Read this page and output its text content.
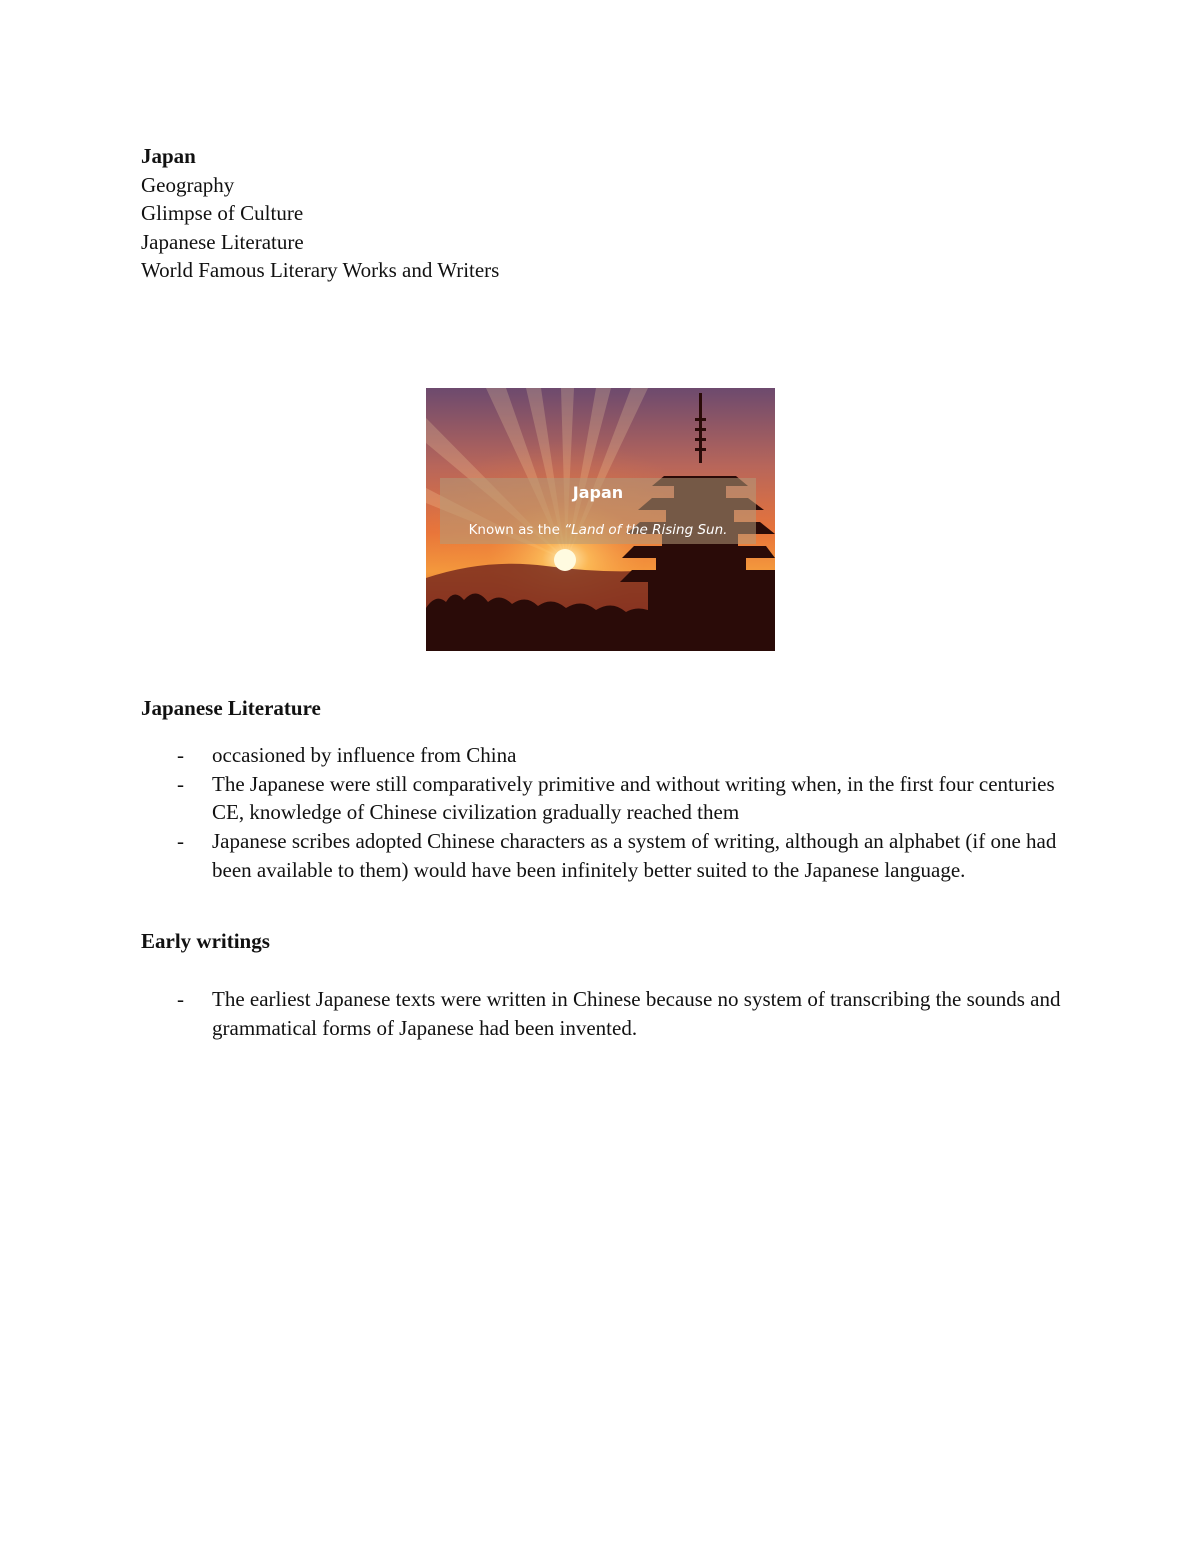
Japan
Geography
Glimpse of Culture
Japanese Literature
World Famous Literary Works and Writers
Japan
Known as the “Land of the Rising Sun.
Japanese Literature
- occasioned by influence from China
- The Japanese were still comparatively primitive and without writing when, in the first four centuries CE, knowledge of Chinese civilization gradually reached them
- Japanese scribes adopted Chinese characters as a system of writing, although an alphabet (if one had been available to them) would have been infinitely better suited to the Japanese language.
Early writings
- The earliest Japanese texts were written in Chinese because no system of transcribing the sounds and grammatical forms of Japanese had been invented.
